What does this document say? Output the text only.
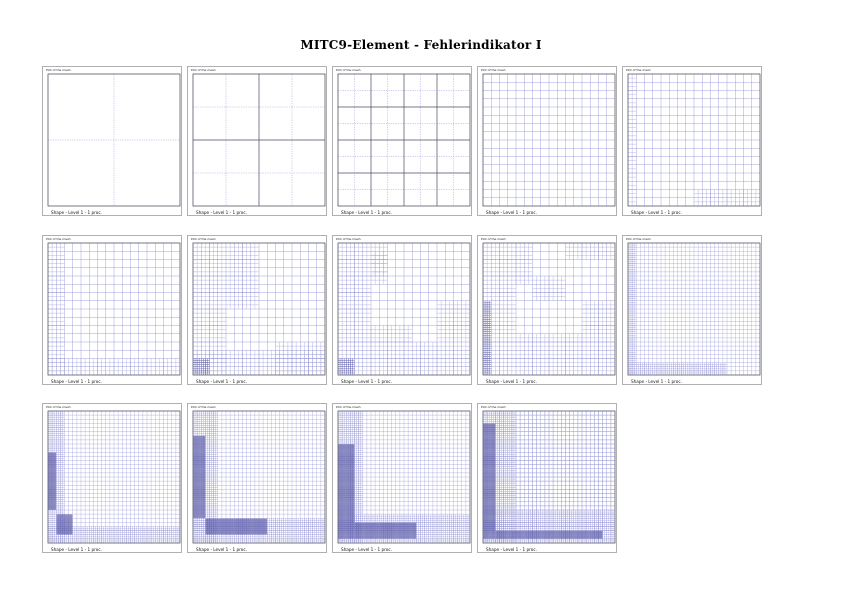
MITC9-Element - Fehlerindikator I
Plot of the mesh
Shape - Level 1 - 1 proc.
Plot of the mesh
Shape - Level 1 - 1 proc.
Plot of the mesh
Shape - Level 1 - 1 proc.
Plot of the mesh
Shape - Level 1 - 1 proc.
Plot of the mesh
Shape - Level 1 - 1 proc.
Plot of the mesh
Shape - Level 1 - 1 proc.
Plot of the mesh
Shape - Level 1 - 1 proc.
Plot of the mesh
Shape - Level 1 - 1 proc.
Plot of the mesh
Shape - Level 1 - 1 proc.
Plot of the mesh
Shape - Level 1 - 1 proc.
Plot of the mesh
Shape - Level 1 - 1 proc.
Plot of the mesh
Shape - Level 1 - 1 proc.
Plot of the mesh
Shape - Level 1 - 1 proc.
Plot of the mesh
Shape - Level 1 - 1 proc.
